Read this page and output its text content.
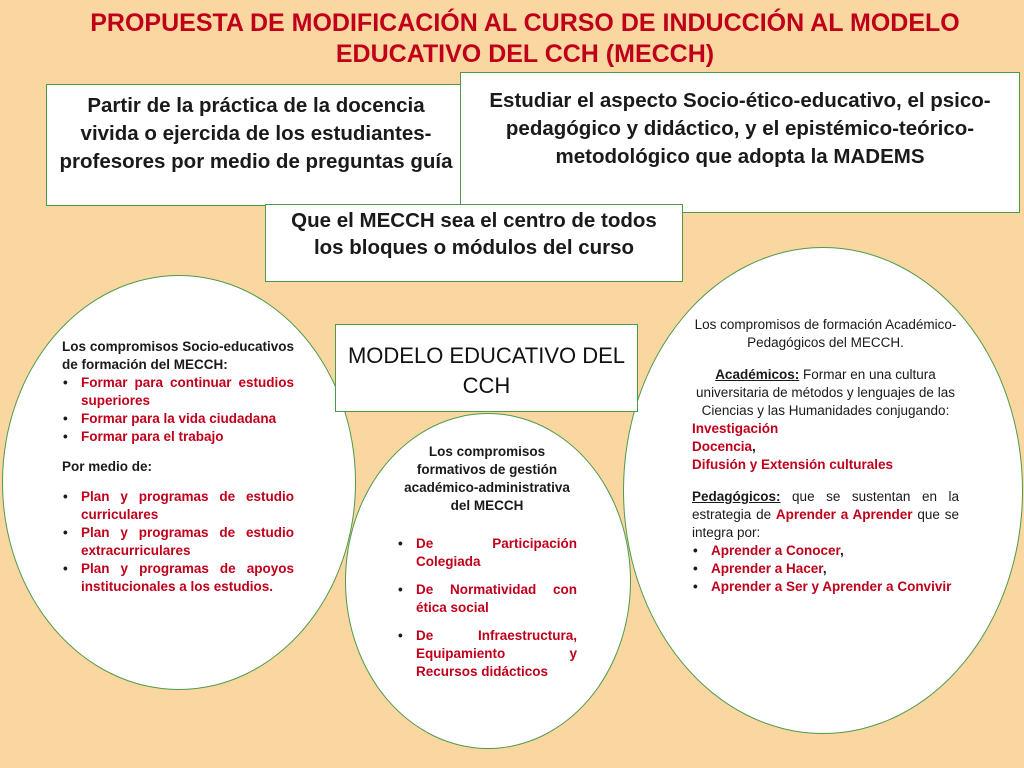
PROPUESTA DE MODIFICACIÓN AL CURSO DE INDUCCIÓN AL MODELO EDUCATIVO DEL CCH (MECCH)
Partir de la práctica de la docencia vivida o ejercida de los estudiantes-profesores por medio de preguntas guía
Estudiar el aspecto Socio-ético-educativo, el psico-pedagógico y didáctico, y el epistémico-teórico-metodológico que adopta la MADEMS
Que el MECCH sea el centro de todos los bloques o módulos del curso
MODELO EDUCATIVO DEL CCH
Los compromisos Socio-educativos de formación del MECCH:
• Formar para continuar estudios superiores
• Formar para la vida ciudadana
• Formar para el trabajo
Por medio de:
• Plan y programas de estudio curriculares
• Plan y programas de estudio extracurriculares
• Plan y programas de apoyos institucionales a los estudios.
Los compromisos formativos de gestión académico-administrativa del MECCH
• De Participación Colegiada
• De Normatividad con ética social
• De Infraestructura, Equipamiento y Recursos didácticos
Los compromisos de formación Académico-Pedagógicos del MECCH.
Académicos: Formar en una cultura universitaria de métodos y lenguajes de las Ciencias y las Humanidades conjugando:
Investigación
Docencia,
Difusión y Extensión culturales
Pedagógicos: que se sustentan en la estrategia de Aprender a Aprender que se integra por:
• Aprender a Conocer,
• Aprender a Hacer,
• Aprender a Ser y Aprender a Convivir
